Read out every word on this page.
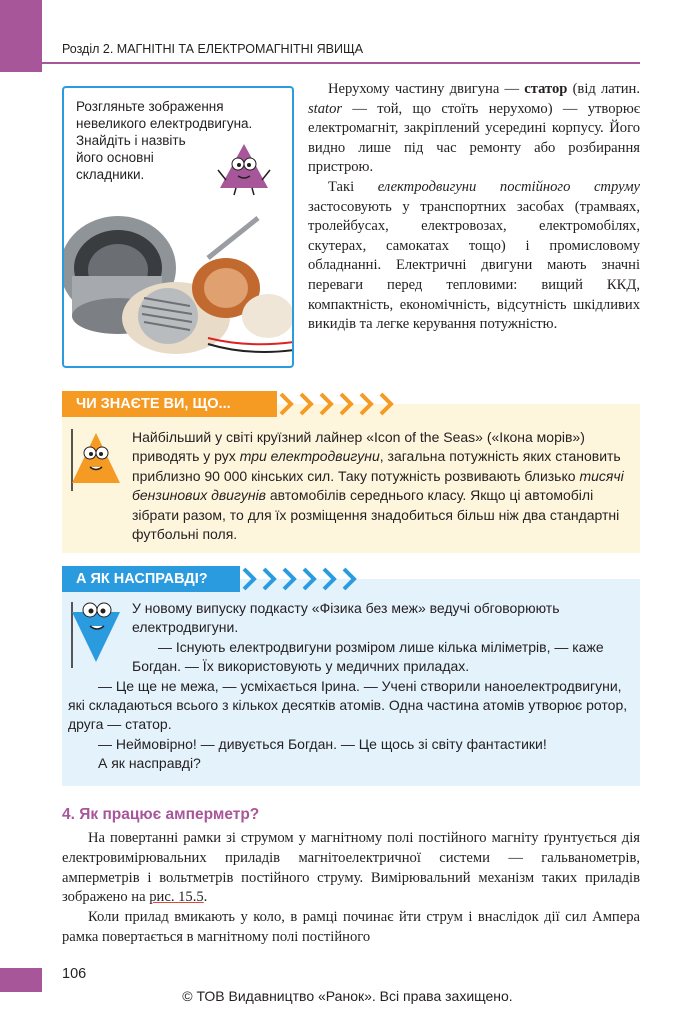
Розділ 2. МАГНІТНІ ТА ЕЛЕКТРОМАГНІТНІ ЯВИЩА
Розгляньте зображення
невеликого електродвигуна.
Знайдіть і назвіть
його основні
складники.

Нерухому частину двигуна — статор (від латин. stator — той, що стоїть нерухомо) — утворює електромагніт, закріплений усередині корпусу. Його видно лише під час ремонту або розбирання пристрою.

Такі електродвигуни постійного струму застосовують у транспортних засобах (трамваях, тролейбусах, електровозах, електромобілях, скутерах, самокатах тощо) і промисловому обладнанні. Електричні двигуни мають значні переваги перед тепловими: вищий ККД, компактність, економічність, відсутність шкідливих викидів та легке керування потужністю.

ЧИ ЗНАЄТЕ ВИ, ЩО...

Найбільший у світі круїзний лайнер «Icon of the Seas» («Ікона морів») приводять у рух три електродвигуни, загальна потужність яких становить приблизно 90 000 кінських сил. Таку потужність розвивають близько тисячі бензинових двигунів автомобілів середнього класу. Якщо ці автомобілі зібрати разом, то для їх розміщення знадобиться більш ніж два стандартні футбольні поля.

А ЯК НАСПРАВДІ?

У новому випуску подкасту «Фізика без меж» ведучі обговорюють електродвигуни.

— Існують електродвигуни розміром лише кілька міліметрів, — каже Богдан. — Їх використовують у медичних приладах.

— Це ще не межа, — усміхається Ірина. — Учені створили наноелектродвигуни, які складаються всього з кількох десятків атомів. Одна частина атомів утворює ротор, друга — статор.

— Неймовірно! — дивується Богдан. — Це щось зі світу фантастики!

А як насправді?

4. Як працює амперметр?

На повертанні рамки зі струмом у магнітному полі постійного магніту ґрунтується дія електровимірювальних приладів магнітоелектричної системи — гальванометрів, амперметрів і вольтметрів постійного струму. Вимірювальний механізм таких приладів зображено на рис. 15.5.

Коли прилад вмикають у коло, в рамці починає йти струм і внаслідок дії сил Ампера рамка повертається в магнітному полі постійного

106
© ТОВ Видавництво «Ранок». Всі права захищено.
